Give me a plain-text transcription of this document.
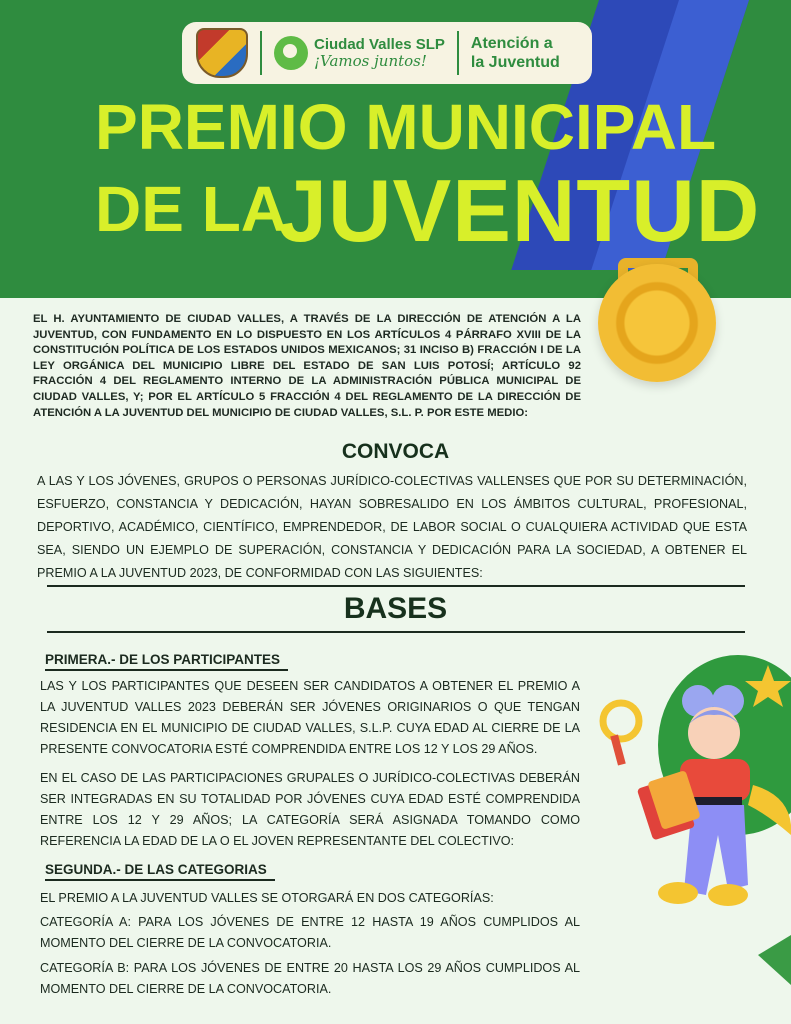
Ciudad Valles SLP
¡Vamos juntos!
Atención a
la Juventud
PREMIO MUNICIPAL
DE LA
JUVENTUD
EL H. AYUNTAMIENTO DE CIUDAD VALLES, A TRAVÉS DE LA DIRECCIÓN DE ATENCIÓN A LA JUVENTUD, CON FUNDAMENTO EN LO DISPUESTO EN LOS ARTÍCULOS 4 PÁRRAFO XVIII DE LA CONSTITUCIÓN POLÍTICA DE LOS ESTADOS UNIDOS MEXICANOS; 31 INCISO B) FRACCIÓN I DE LA LEY ORGÁNICA DEL MUNICIPIO LIBRE DEL ESTADO DE SAN LUIS POTOSÍ; ARTÍCULO 92 FRACCIÓN 4 DEL REGLAMENTO INTERNO DE LA ADMINISTRACIÓN PÚBLICA MUNICIPAL DE CIUDAD VALLES, Y; POR EL ARTÍCULO 5 FRACCIÓN 4 DEL REGLAMENTO DE LA DIRECCIÓN DE ATENCIÓN A LA JUVENTUD DEL MUNICIPIO DE CIUDAD VALLES, S.L. P. POR ESTE MEDIO:
CONVOCA
A LAS Y LOS JÓVENES, GRUPOS O PERSONAS JURÍDICO-COLECTIVAS VALLENSES QUE POR SU DETERMINACIÓN, ESFUERZO, CONSTANCIA Y DEDICACIÓN, HAYAN SOBRESALIDO EN LOS ÁMBITOS CULTURAL, PROFESIONAL, DEPORTIVO, ACADÉMICO, CIENTÍFICO, EMPRENDEDOR, DE LABOR SOCIAL O CUALQUIERA ACTIVIDAD QUE ESTA SEA, SIENDO UN EJEMPLO DE SUPERACIÓN, CONSTANCIA Y DEDICACIÓN PARA LA SOCIEDAD, A OBTENER EL PREMIO A LA JUVENTUD 2023, DE CONFORMIDAD CON LAS SIGUIENTES:
BASES
PRIMERA.- DE LOS PARTICIPANTES
LAS Y LOS PARTICIPANTES QUE DESEEN SER CANDIDATOS A OBTENER EL PREMIO A LA JUVENTUD VALLES 2023 DEBERÁN SER JÓVENES ORIGINARIOS O QUE TENGAN RESIDENCIA EN EL MUNICIPIO DE CIUDAD VALLES, S.L.P. CUYA EDAD AL CIERRE DE LA PRESENTE CONVOCATORIA ESTÉ COMPRENDIDA ENTRE LOS 12 Y LOS 29 AÑOS.
EN EL CASO DE LAS PARTICIPACIONES GRUPALES O JURÍDICO-COLECTIVAS DEBERÁN SER INTEGRADAS EN SU TOTALIDAD POR JÓVENES CUYA EDAD ESTÉ COMPRENDIDA ENTRE LOS 12 Y 29 AÑOS; LA CATEGORÍA SERÁ ASIGNADA TOMANDO COMO REFERENCIA LA EDAD DE LA O EL JOVEN REPRESENTANTE DEL COLECTIVO:
SEGUNDA.- DE LAS CATEGORIAS
EL PREMIO A LA JUVENTUD VALLES SE OTORGARÁ EN DOS CATEGORÍAS:
CATEGORÍA A: PARA LOS JÓVENES DE ENTRE 12 HASTA 19 AÑOS CUMPLIDOS AL MOMENTO DEL CIERRE DE LA CONVOCATORIA.
CATEGORÍA B: PARA LOS JÓVENES DE ENTRE 20 HASTA LOS 29 AÑOS CUMPLIDOS AL MOMENTO DEL CIERRE DE LA CONVOCATORIA.
